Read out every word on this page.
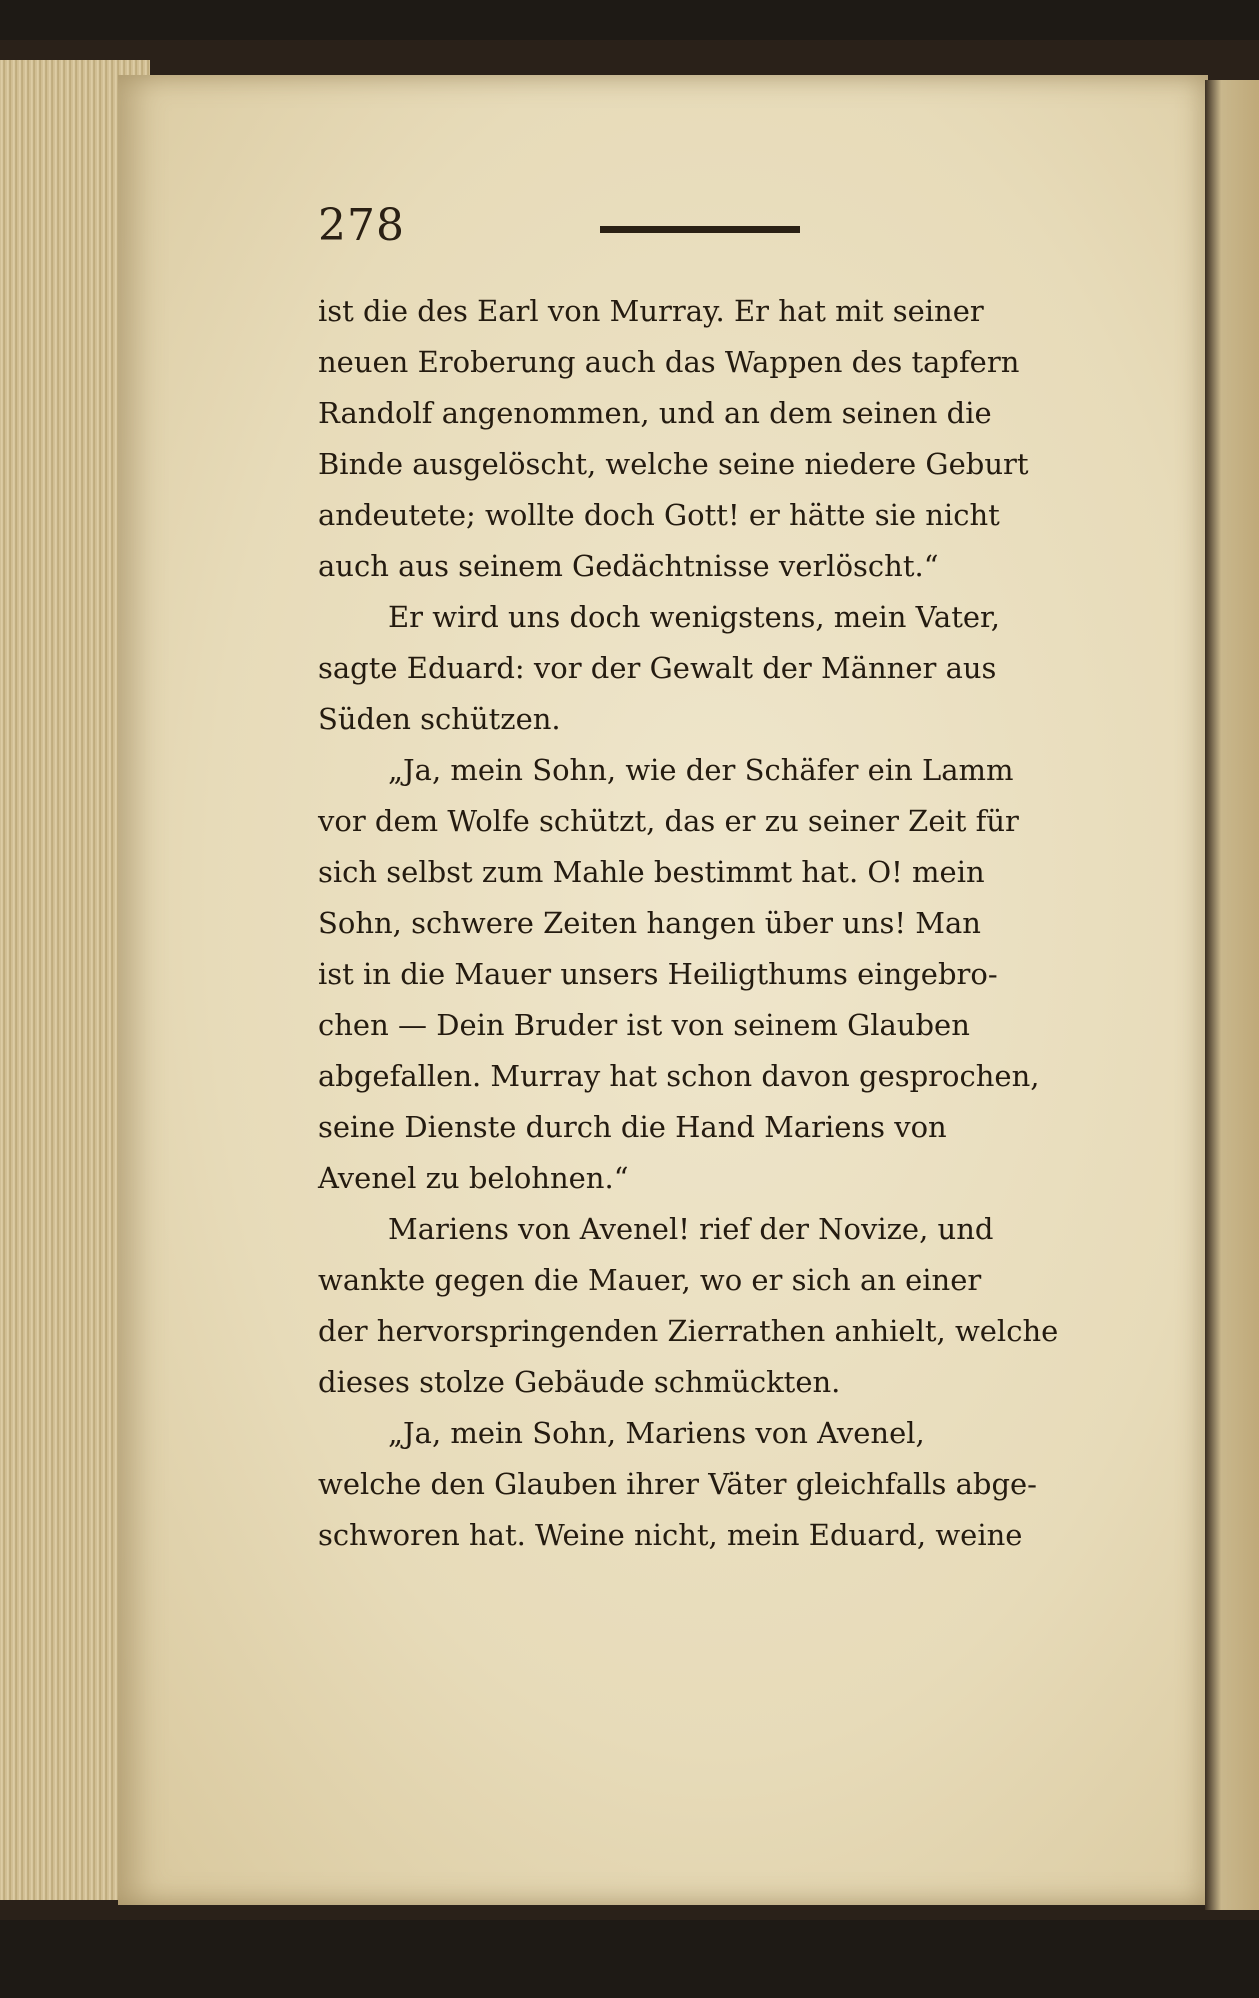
278
ist die des Earl von Murray. Er hat mit seiner
neuen Eroberung auch das Wappen des tapfern
Randolf angenommen, und an dem seinen die
Binde ausgelöscht, welche seine niedere Geburt
andeutete; wollte doch Gott! er hätte sie nicht
auch aus seinem Gedächtnisse verlöscht.“
Er wird uns doch wenigstens, mein Vater,
sagte Eduard: vor der Gewalt der Männer aus
Süden schützen.
„Ja, mein Sohn, wie der Schäfer ein Lamm
vor dem Wolfe schützt, das er zu seiner Zeit für
sich selbst zum Mahle bestimmt hat. O! mein
Sohn, schwere Zeiten hangen über uns! Man
ist in die Mauer unsers Heiligthums eingebro-
chen — Dein Bruder ist von seinem Glauben
abgefallen. Murray hat schon davon gesprochen,
seine Dienste durch die Hand Mariens von
Avenel zu belohnen.“
Mariens von Avenel! rief der Novize, und
wankte gegen die Mauer, wo er sich an einer
der hervorspringenden Zierrathen anhielt, welche
dieses stolze Gebäude schmückten.
„Ja, mein Sohn, Mariens von Avenel,
welche den Glauben ihrer Väter gleichfalls abge-
schworen hat. Weine nicht, mein Eduard, weine
